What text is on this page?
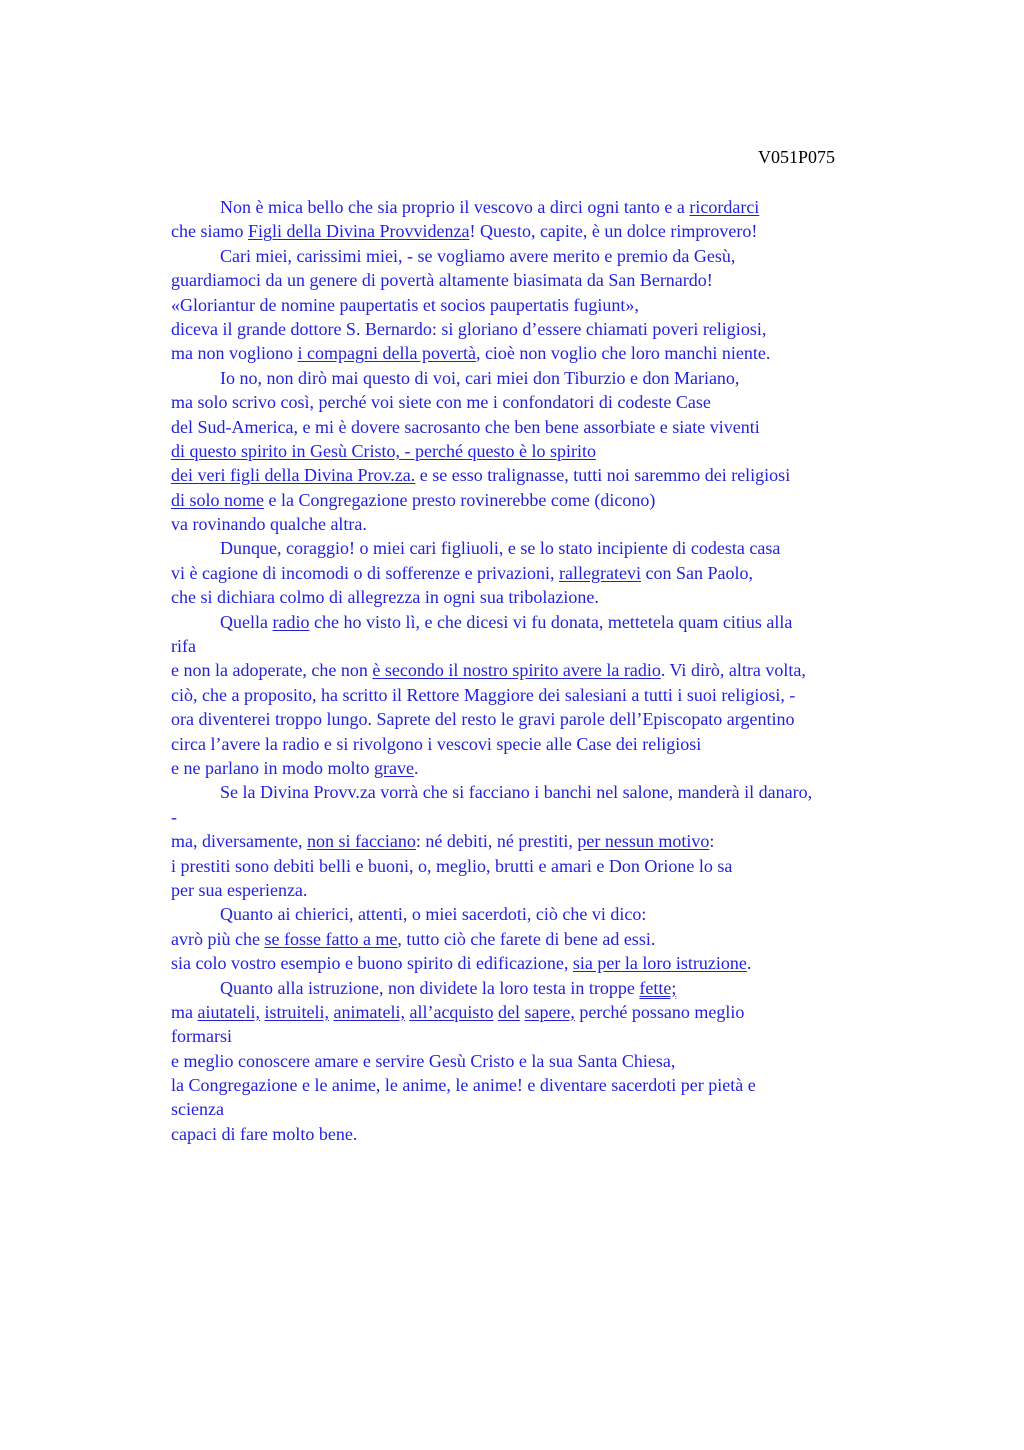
V051P075
Non è mica bello che sia proprio il vescovo a dirci ogni tanto e a ricordarci
che siamo Figli della Divina Provvidenza! Questo, capite, è un dolce rimprovero!
Cari miei, carissimi miei, - se vogliamo avere merito e premio da Gesù,
guardiamoci da un genere di povertà altamente biasimata da San Bernardo!
«Gloriantur de nomine paupertatis et socios paupertatis fugiunt»,
diceva il grande dottore S. Bernardo: si gloriano d’essere chiamati poveri religiosi,
ma non vogliono i compagni della povertà, cioè non voglio che loro manchi niente.
Io no, non dirò mai questo di voi, cari miei don Tiburzio e don Mariano,
ma solo scrivo così, perché voi siete con me i confondatori di codeste Case
del Sud-America, e mi è dovere sacrosanto che ben bene assorbiate e siate viventi
di questo spirito in Gesù Cristo, - perché questo è lo spirito
dei veri figli della Divina Prov.za. e se esso tralignasse, tutti noi saremmo dei religiosi
di solo nome e la Congregazione presto rovinerebbe come (dicono)
va rovinando qualche altra.
Dunque, coraggio! o miei cari figliuoli, e se lo stato incipiente di codesta casa
vi è cagione di incomodi o di sofferenze e privazioni, rallegratevi con San Paolo,
che si dichiara colmo di allegrezza in ogni sua tribolazione.
Quella radio che ho visto lì, e che dicesi vi fu donata, mettetela quam citius alla
rifa
e non la adoperate, che non è secondo il nostro spirito avere la radio. Vi dirò, altra volta,
ciò, che a proposito, ha scritto il Rettore Maggiore dei salesiani a tutti i suoi religiosi, -
ora diventerei troppo lungo. Saprete del resto le gravi parole dell’Episcopato argentino
circa l’avere la radio e si rivolgono i vescovi specie alle Case dei religiosi
e ne parlano in modo molto grave.
Se la Divina Provv.za vorrà che si facciano i banchi nel salone, manderà il danaro,
-
ma, diversamente, non si facciano: né debiti, né prestiti, per nessun motivo:
i prestiti sono debiti belli e buoni, o, meglio, brutti e amari e Don Orione lo sa
per sua esperienza.
Quanto ai chierici, attenti, o miei sacerdoti, ciò che vi dico:
avrò più che se fosse fatto a me, tutto ciò che farete di bene ad essi.
sia colo vostro esempio e buono spirito di edificazione, sia per la loro istruzione.
Quanto alla istruzione, non dividete la loro testa in troppe fette;
ma aiutateli, istruiteli, animateli, all’acquisto del sapere, perché possano meglio
formarsi
e meglio conoscere amare e servire Gesù Cristo e la sua Santa Chiesa,
la Congregazione e le anime, le anime, le anime! e diventare sacerdoti per pietà e
scienza
capaci di fare molto bene.
